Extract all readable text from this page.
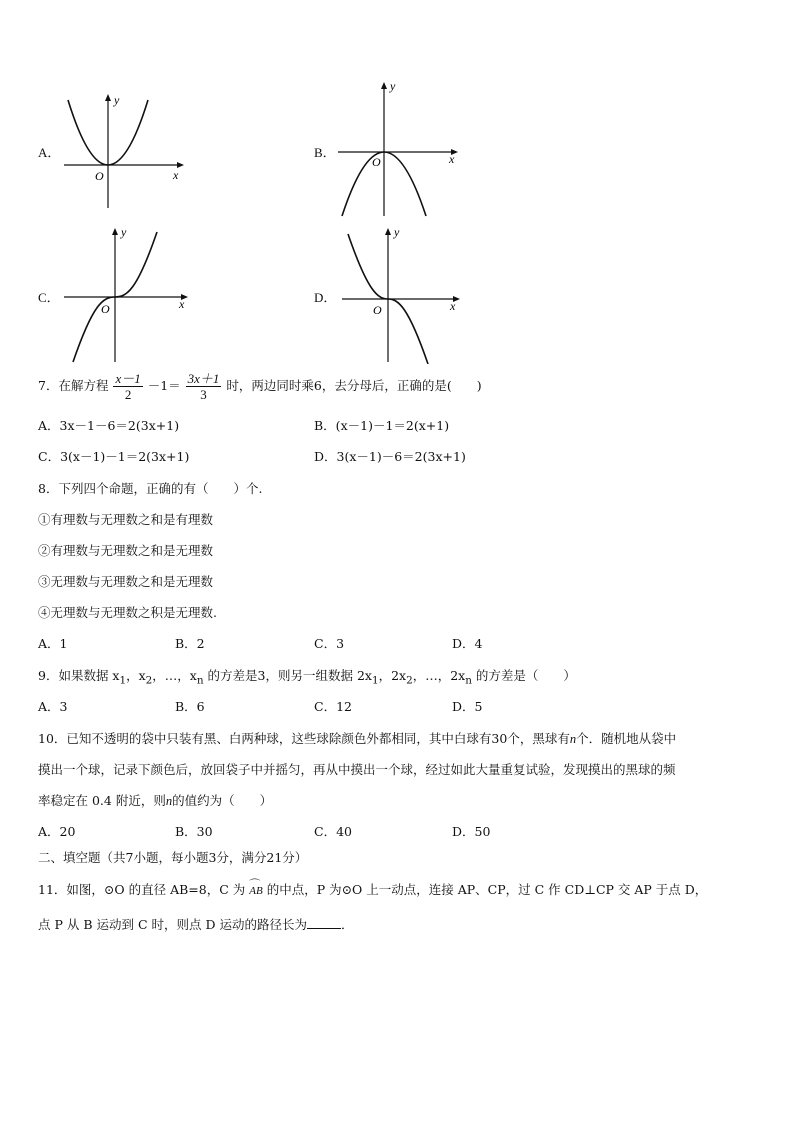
A．
y
x
O
B．
y
x
O
C．
y
x
O
D．
y
x
O
7．在解方程 $\frac{x-1}{2} -1= \frac{3x+1}{3}$ 时，两边同时乘6，去分母后，正确的是(　　)
A．3x－1－6＝2(3x+1)	B．(x－1)－1＝2(x+1)
C．3(x－1)－1＝2(3x+1)	D．3(x－1)－6＝2(3x+1)
8．下列四个命题，正确的有（　　）个.
①有理数与无理数之和是有理数
②有理数与无理数之和是无理数
③无理数与无理数之和是无理数
④无理数与无理数之积是无理数.
A．1	B．2	C．3	D．4
9．如果数据 $x_1$，$x_2$，…，$x_n$ 的方差是3，则另一组数据 $2x_1$，$2x_2$，…，$2x_n$ 的方差是（　　）
A．3	B．6	C．12	D．5
10．已知不透明的袋中只装有黑、白两种球，这些球除颜色外都相同，其中白球有30个，黑球有n个．随机地从袋中
摸出一个球，记录下颜色后，放回袋子中并摇匀，再从中摸出一个球，经过如此大量重复试验，发现摸出的黑球的频
率稳定在 0.4 附近，则n的值约为（　　）
A．20	B．30	C．40	D．50
二、填空题（共7小题，每小题3分，满分21分）
11．如图，⊙O 的直径 AB=8，C 为 ⌒ AB 的中点，P 为⊙O 上一动点，连接 AP、CP，过 C 作 CD⊥CP 交 AP 于点 D，
点 P 从 B 运动到 C 时，则点 D 运动的路径长为	．
